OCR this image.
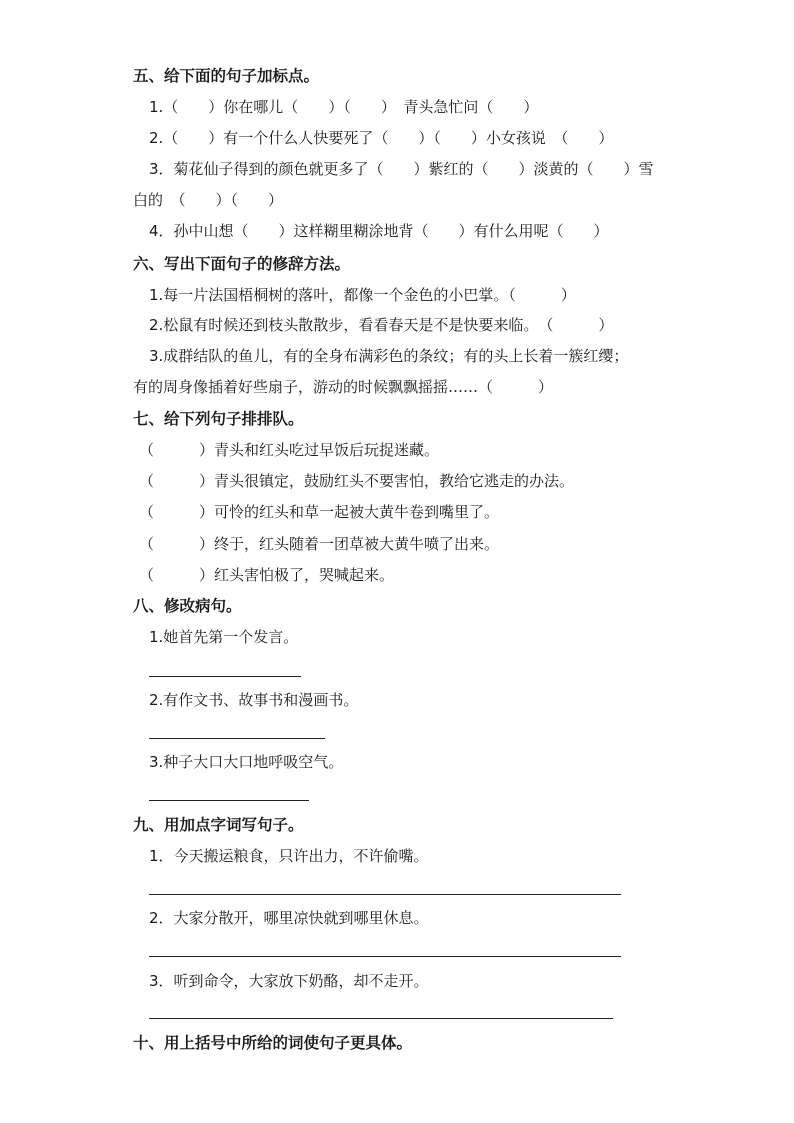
五、给下面的句子加标点。
1.（　　）你在哪儿（　　）（　　）　青头急忙问（　　）
2.（　　）有一个什么人快要死了（　　）（　　）小女孩说　（　　）
3．菊花仙子得到的颜色就更多了（　　）紫红的（　　）淡黄的（　　）雪
白的　（　　）（　　）
4．孙中山想（　　）这样糊里糊涂地背（　　）有什么用呢（　　）
六、写出下面句子的修辞方法。
1.每一片法国梧桐树的落叶，都像一个金色的小巴掌。（　　　）
2.松鼠有时候还到枝头散散步，看看春天是不是快要来临。　（　　　）
3.成群结队的鱼儿，有的全身布满彩色的条纹；有的头上长着一簇红缨；
有的周身像插着好些扇子，游动的时候飘飘摇摇……（　　　）
七、给下列句子排排队。
（　　　）青头和红头吃过早饭后玩捉迷藏。
（　　　）青头很镇定，鼓励红头不要害怕，教给它逃走的办法。
（　　　）可怜的红头和草一起被大黄牛卷到嘴里了。
（　　　）终于，红头随着一团草被大黄牛喷了出来。
（　　　）红头害怕极了，哭喊起来。
八、修改病句。
1.她首先第一个发言。
2.有作文书、故事书和漫画书。
3.种子大口大口地呼吸空气。
九、用加点字词写句子。
1．今天搬运粮食，只许出力，不许偷嘴。
2．大家分散开，哪里凉快就到哪里休息。
3．听到命令，大家放下奶酪，却不走开。
十、用上括号中所给的词使句子更具体。
